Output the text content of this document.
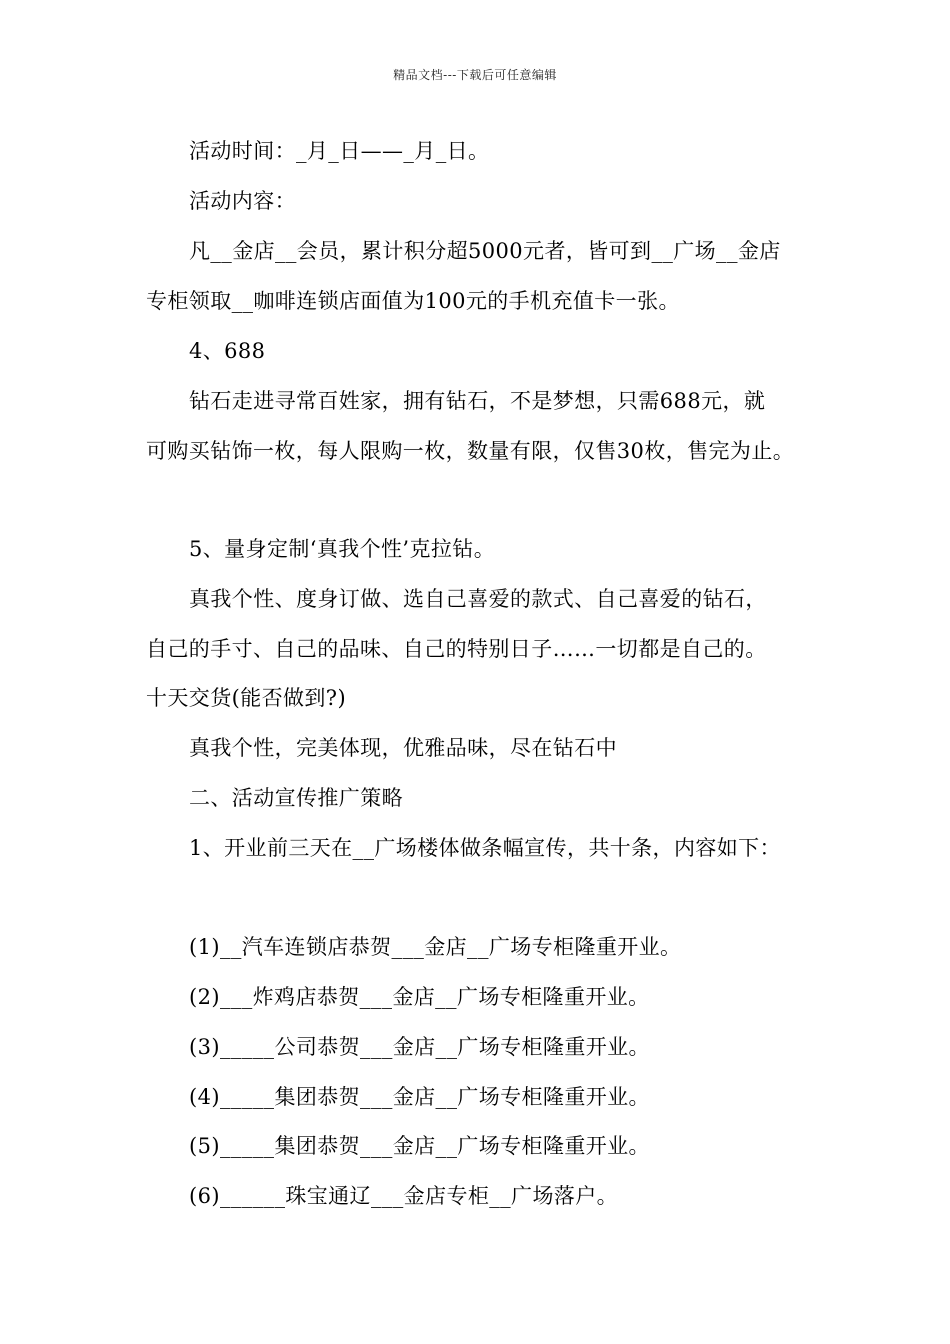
精品文档---下载后可任意编辑
活动时间：_月_日——_月_日。
活动内容：
凡__金店__会员，累计积分超5000元者，皆可到__广场__金店
专柜领取__咖啡连锁店面值为100元的手机充值卡一张。
4、688
钻石走进寻常百姓家，拥有钻石，不是梦想，只需688元，就
可购买钻饰一枚，每人限购一枚，数量有限，仅售30枚，售完为止。
5、量身定制‘真我个性’克拉钻。
真我个性、度身订做、选自己喜爱的款式、自己喜爱的钻石，
自己的手寸、自己的品味、自己的特别日子……一切都是自己的。
十天交货(能否做到?)
真我个性，完美体现，优雅品味，尽在钻石中
二、活动宣传推广策略
1、开业前三天在__广场楼体做条幅宣传，共十条，内容如下：
(1)__汽车连锁店恭贺___金店__广场专柜隆重开业。
(2)___炸鸡店恭贺___金店__广场专柜隆重开业。
(3)_____公司恭贺___金店__广场专柜隆重开业。
(4)_____集团恭贺___金店__广场专柜隆重开业。
(5)_____集团恭贺___金店__广场专柜隆重开业。
(6)______珠宝通辽___金店专柜__广场落户。
